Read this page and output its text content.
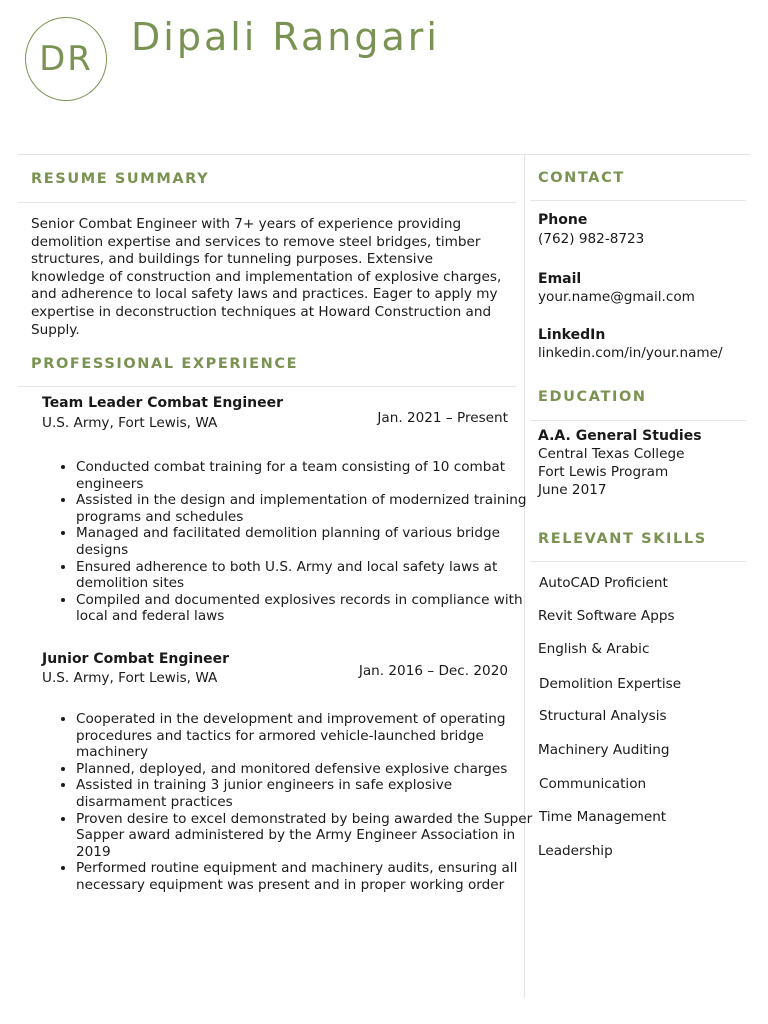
DR Dipali Rangari
RESUME SUMMARY

Senior Combat Engineer with 7+ years of experience providing demolition expertise and services to remove steel bridges, timber structures, and buildings for tunneling purposes. Extensive knowledge of construction and implementation of explosive charges, and adherence to local safety laws and practices. Eager to apply my expertise in deconstruction techniques at Howard Construction and Supply.

PROFESSIONAL EXPERIENCE

Team Leader Combat Engineer

U.S. Army, Fort Lewis, WA	Jan. 2021 – Present

• Conducted combat training for a team consisting of 10 combat engineers
• Assisted in the design and implementation of modernized training programs and schedules
• Managed and facilitated demolition planning of various bridge designs
• Ensured adherence to both U.S. Army and local safety laws at demolition sites
• Compiled and documented explosives records in compliance with local and federal laws

Junior Combat Engineer

U.S. Army, Fort Lewis, WA	Jan. 2016 – Dec. 2020

• Cooperated in the development and improvement of operating procedures and tactics for armored vehicle-launched bridge machinery
• Planned, deployed, and monitored defensive explosive charges
• Assisted in training 3 junior engineers in safe explosive disarmament practices
• Proven desire to excel demonstrated by being awarded the Supper Sapper award administered by the Army Engineer Association in 2019
• Performed routine equipment and machinery audits, ensuring all necessary equipment was present and in proper working order
CONTACT

Phone

(762) 982-8723

Email

your.name@gmail.com

LinkedIn

linkedin.com/in/your.name/

EDUCATION

A.A. General Studies

Central Texas College

Fort Lewis Program

June 2017

RELEVANT SKILLS

AutoCAD Proficient

Revit Software Apps

English & Arabic

Demolition Expertise

Structural Analysis

Machinery Auditing

Communication

Time Management

Leadership
